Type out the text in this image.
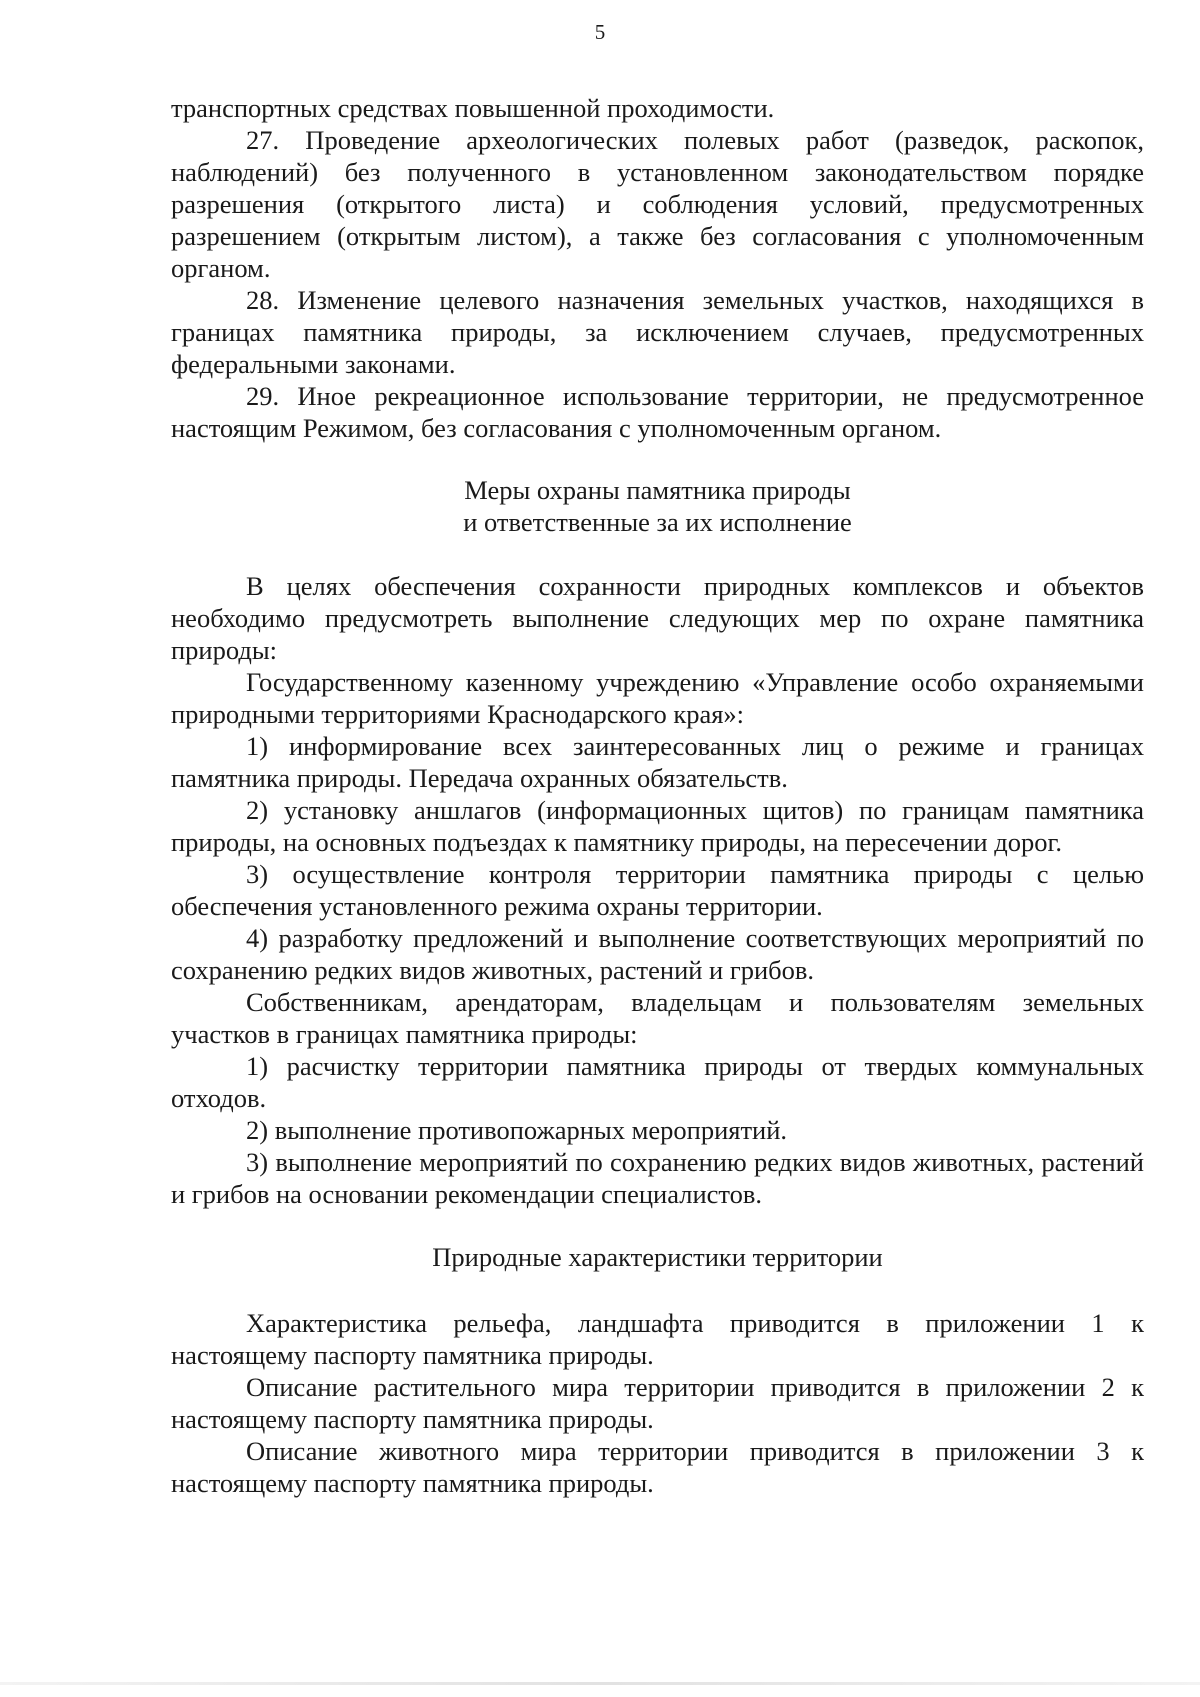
5

транспортных средствах повышенной проходимости.

27. Проведение археологических полевых работ (разведок, раскопок, наблюдений) без полученного в установленном законодательством порядке разрешения (открытого листа) и соблюдения условий, предусмотренных разрешением (открытым листом), а также без согласования с уполномоченным органом.

28. Изменение целевого назначения земельных участков, находящихся в границах памятника природы, за исключением случаев, предусмотренных федеральными законами.

29. Иное рекреационное использование территории, не предусмотренное настоящим Режимом, без согласования с уполномоченным органом.

Меры охраны памятника природы
и ответственные за их исполнение

В целях обеспечения сохранности природных комплексов и объектов необходимо предусмотреть выполнение следующих мер по охране памятника природы:

Государственному казенному учреждению «Управление особо охраняемыми природными территориями Краснодарского края»:

1) информирование всех заинтересованных лиц о режиме и границах памятника природы. Передача охранных обязательств.

2) установку аншлагов (информационных щитов) по границам памятника природы, на основных подъездах к памятнику природы, на пересечении дорог.

3) осуществление контроля территории памятника природы с целью обеспечения установленного режима охраны территории.

4) разработку предложений и выполнение соответствующих мероприятий по сохранению редких видов животных, растений и грибов.

Собственникам, арендаторам, владельцам и пользователям земельных участков в границах памятника природы:

1) расчистку территории памятника природы от твердых коммунальных отходов.

2) выполнение противопожарных мероприятий.

3) выполнение мероприятий по сохранению редких видов животных, растений и грибов на основании рекомендации специалистов.

Природные характеристики территории

Характеристика рельефа, ландшафта приводится в приложении 1 к настоящему паспорту памятника природы.

Описание растительного мира территории приводится в приложении 2 к настоящему паспорту памятника природы.

Описание животного мира территории приводится в приложении 3 к настоящему паспорту памятника природы.
